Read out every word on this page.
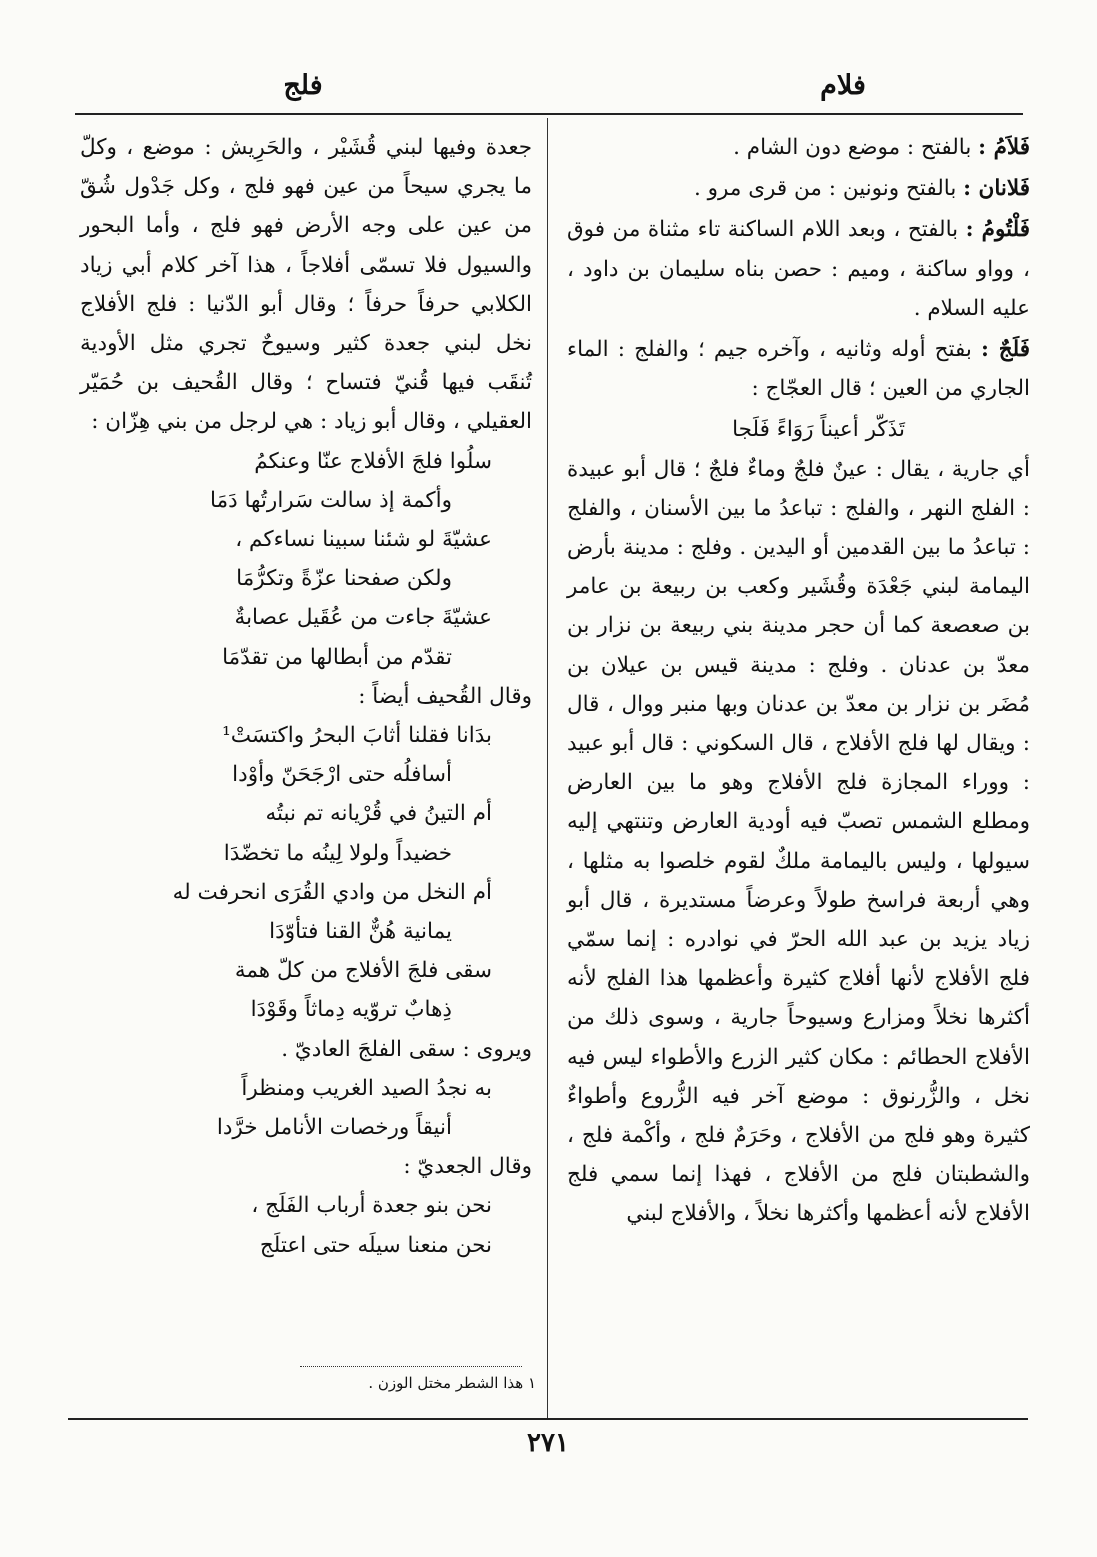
فلام
فلج

فَلاَمُ : بالفتح : موضع دون الشام .

فَلانان : بالفتح ونونين : من قرى مرو .

فَلْتُومُ : بالفتح ، وبعد اللام الساكنة تاء مثناة من فوق ، وواو ساكنة ، وميم : حصن بناه سليمان بن داود ، عليه السلام .

فَلَجٌ : بفتح أوله وثانيه ، وآخره جيم ؛ والفلج : الماء الجاري من العين ؛ قال العجّاج :

تَذَكّر أعيناً رَوَاءً فَلَجا

أي جارية ، يقال : عينٌ فلجٌ وماءٌ فلجٌ ؛ قال أبو عبيدة : الفلج النهر ، والفلج : تباعدُ ما بين الأسنان ، والفلج : تباعدُ ما بين القدمين أو اليدين . وفلج : مدينة بأرض اليمامة لبني جَعْدَة وقُشَير وكعب بن ربيعة بن عامر بن صعصعة كما أن حجر مدينة بني ربيعة بن نزار بن معدّ بن عدنان . وفلج : مدينة قيس بن عيلان بن مُضَر بن نزار بن معدّ بن عدنان وبها منبر ووال ، قال : ويقال لها فلج الأفلاج ، قال السكوني : قال أبو عبيد : ووراء المجازة فلج الأفلاج وهو ما بين العارض ومطلع الشمس تصبّ فيه أودية العارض وتنتهي إليه سيولها ، وليس باليمامة ملكٌ لقوم خلصوا به مثلها ، وهي أربعة فراسخ طولاً وعرضاً مستديرة ، قال أبو زياد يزيد بن عبد الله الحرّ في نوادره : إنما سمّي فلج الأفلاج لأنها أفلاج كثيرة وأعظمها هذا الفلج لأنه أكثرها نخلاً ومزارع وسيوحاً جارية ، وسوى ذلك من الأفلاج الحطائم : مكان كثير الزرع والأطواء ليس فيه نخل ، والزُّرنوق : موضع آخر فيه الزُّروع وأطواءٌ كثيرة وهو فلج من الأفلاج ، وحَرَمٌ فلج ، وأكْمة فلج ، والشطبتان فلج من الأفلاج ، فهذا إنما سمي فلج الأفلاج لأنه أعظمها وأكثرها نخلاً ، والأفلاج لبني

جعدة وفيها لبني قُشَيْر ، والحَرِيش : موضع ، وكلّ ما يجري سيحاً من عين فهو فلج ، وكل جَدْول شُقّ من عين على وجه الأرض فهو فلج ، وأما البحور والسيول فلا تسمّى أفلاجاً ، هذا آخر كلام أبي زياد الكلابي حرفاً حرفاً ؛ وقال أبو الدّنيا : فلج الأفلاج نخل لبني جعدة كثير وسيوحٌ تجري مثل الأودية تُنقَب فيها قُنيّ فتساح ؛ وقال القُحيف بن حُمَيّر العقيلي ، وقال أبو زياد : هي لرجل من بني هِزّان :

سلُوا فلجَ الأفلاج عنّا وعنكمُ

وأكمة إذ سالت سَرارتُها دَمَا

عشيّةَ لو شئنا سبينا نساءكم ،

ولكن صفحنا عزّةً وتكرُّمَا

عشيّةَ جاءت من عُقَيل عصابةٌ

تقدّم من أبطالها من تقدّمَا

وقال القُحيف أيضاً :

بدَانا فقلنا أثابَ البحرُ واكتسَتْ¹

أسافلُه حتى ارْجَحَنّ وأوْدا

أم التينُ في قُرْيانه تم نبتُه

خضيداً ولولا لِينُه ما تخضّدَا

أم النخل من وادي القُرَى انحرفت له

يمانية هُنٌّ القنا فتأوّدَا

سقى فلجَ الأفلاج من كلّ همة

ذِهابٌ تروّيه دِماثاً وقَوْدَا

ويروى : سقى الفلجَ العاديّ .

به نجدُ الصيد الغريب ومنظراً

أنيقاً ورخصات الأنامل خرَّدا

وقال الجعديّ :

نحن بنو جعدة أرباب الفَلَج ،

نحن منعنا سيلَه حتى اعتلَج

١ هذا الشطر مختل الوزن .
٢٧١
